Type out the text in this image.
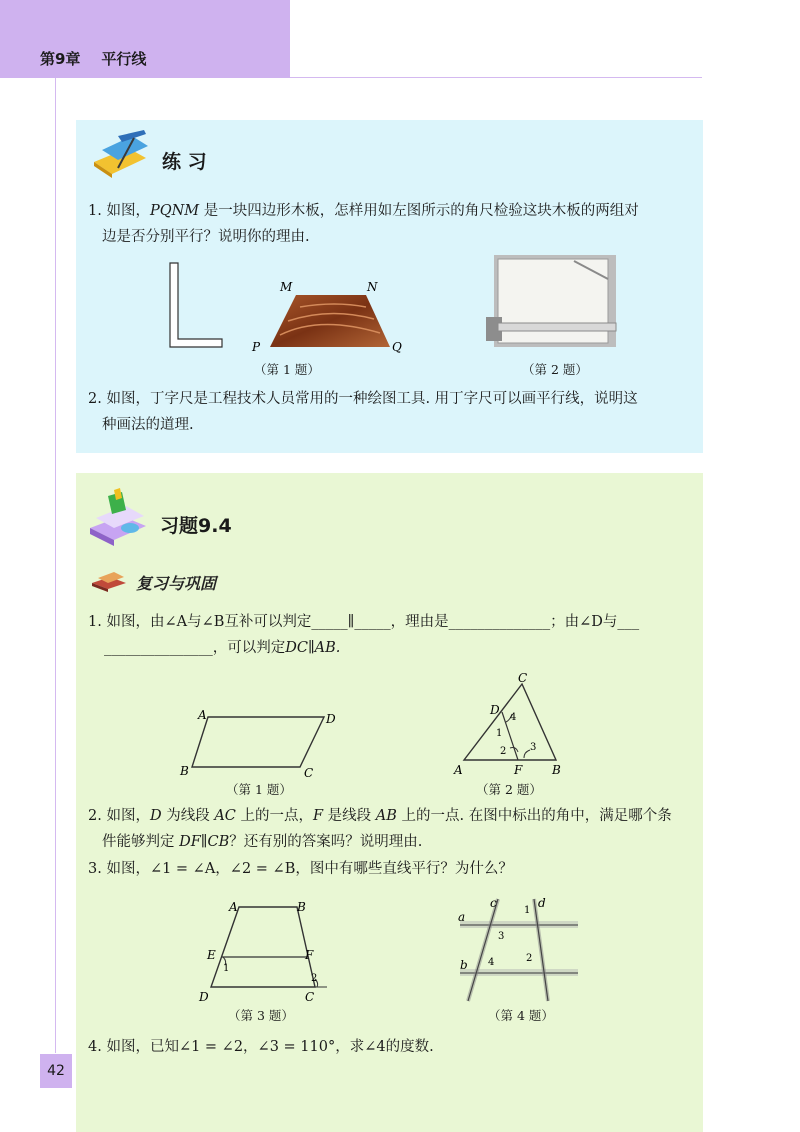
第9章 平行线
42
练 习
1. 如图，PQNM 是一块四边形木板，怎样用如左图所示的角尺检验这块木板的两组对
边是否分别平行？说明你的理由.
M	N
P	Q
（第 1 题）	（第 2 题）
2. 如图，丁字尺是工程技术人员常用的一种绘图工具. 用丁字尺可以画平行线，说明这
种画法的道理.
习题9.4
复习与巩固
1. 如图，由∠A与∠B互补可以判定_____∥_____，理由是______________；由∠D与___
_______________，可以判定DC∥AB.
A	D
B	C
（第 1 题）
C
D
4
1
2 3
A	F B
（第 2 题）
2. 如图，D 为线段 AC 上的一点，F 是线段 AB 上的一点. 在图中标出的角中，满足哪个条
件能够判定 DF∥CB？还有别的答案吗？说明理由.
3. 如图，∠1 = ∠A，∠2 = ∠B，图中有哪些直线平行？为什么？
A	B
E
1
F
2
D	C
（第 3 题）
a
c
1
d
3
b 4	2
（第 4 题）
4. 如图，已知∠1 = ∠2，∠3 = 110°，求∠4的度数.
